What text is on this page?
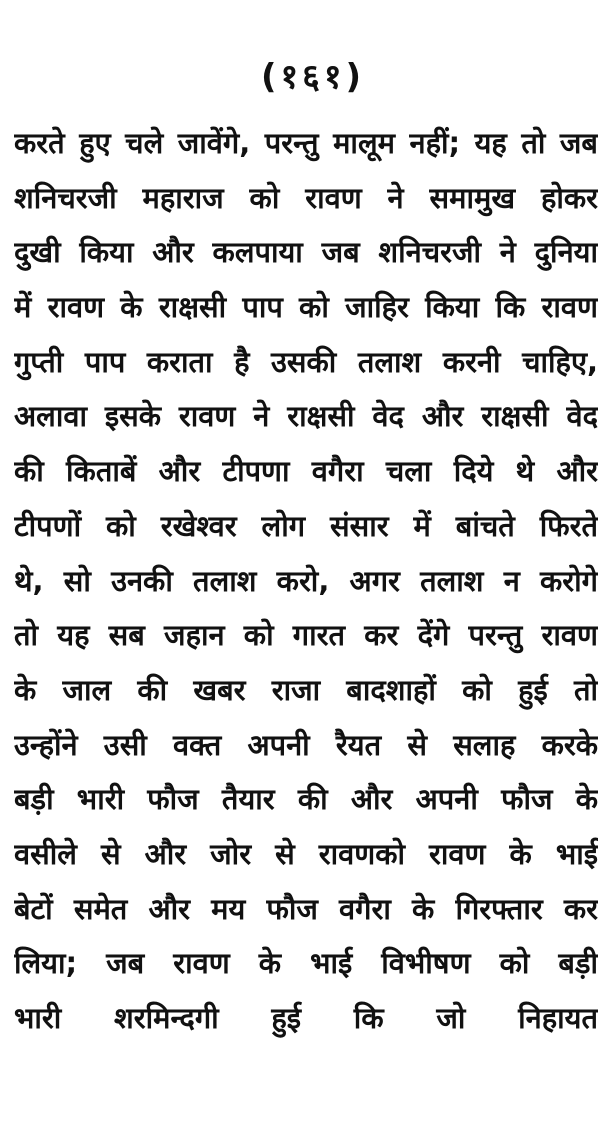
(१६१)
करते हुए चले जावेंगे, परन्तु मालूम नहीं; यह तो जब
शनिचरजी महाराज को रावण ने समामुख होकर
दुखी किया और कलपाया जब शनिचरजी ने दुनिया
में रावण के राक्षसी पाप को जाहिर किया कि रावण
गुप्ती पाप कराता है उसकी तलाश करनी चाहिए,
अलावा इसके रावण ने राक्षसी वेद और राक्षसी वेद
की किताबें और टीपणा वगैरा चला दिये थे और
टीपणों को रखेश्वर लोग संसार में बांचते फिरते
थे, सो उनकी तलाश करो, अगर तलाश न करोगे
तो यह सब जहान को गारत कर देंगे परन्तु रावण
के जाल की खबर राजा बादशाहों को हुई तो
उन्होंने उसी वक्त अपनी रैयत से सलाह करके
बड़ी भारी फौज तैयार की और अपनी फौज के
वसीले से और जोर से रावणको रावण के भाई
बेटों समेत और मय फौज वगैरा के गिरफ्तार कर
लिया; जब रावण के भाई विभीषण को बड़ी
भारी शरमिन्दगी हुई कि जो निहायत
